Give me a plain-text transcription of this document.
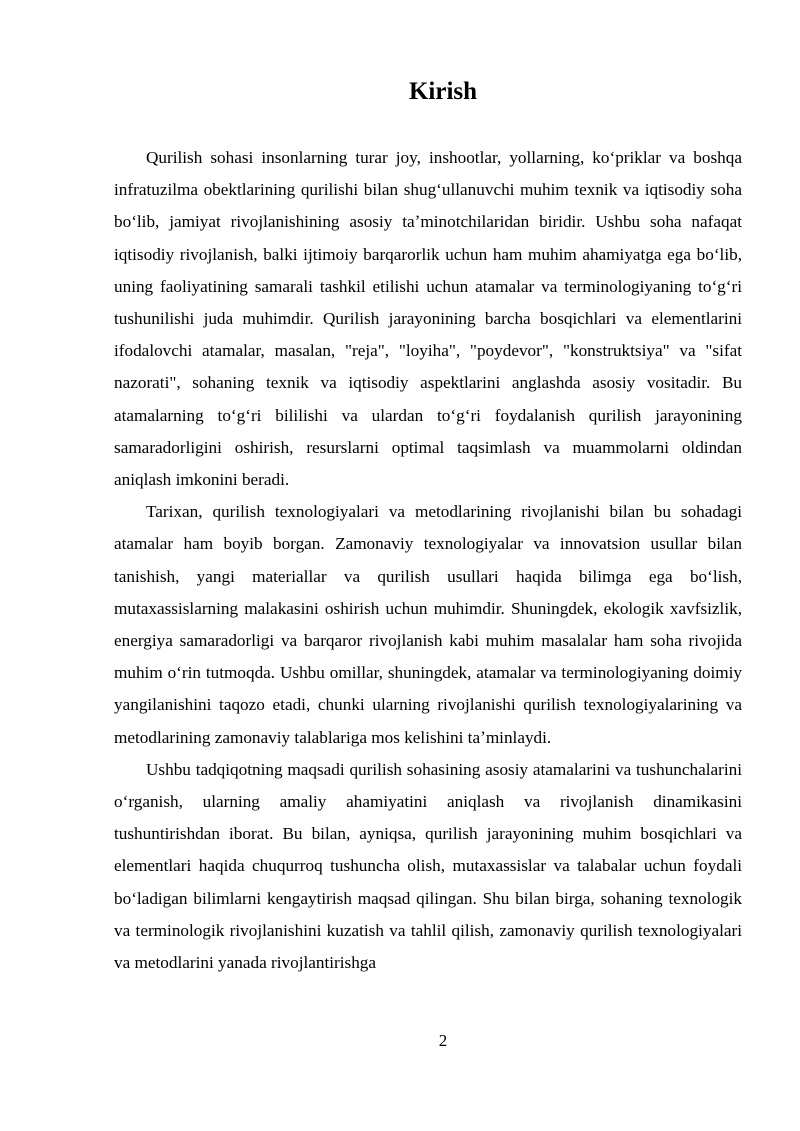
Kirish

Qurilish sohasi insonlarning turar joy, inshootlar, yollarning, koʻpriklar va boshqa infratuzilma obektlarining qurilishi bilan shugʻullanuvchi muhim texnik va iqtisodiy soha boʻlib, jamiyat rivojlanishining asosiy taʼminotchilaridan biridir. Ushbu soha nafaqat iqtisodiy rivojlanish, balki ijtimoiy barqarorlik uchun ham muhim ahamiyatga ega boʻlib, uning faoliyatining samarali tashkil etilishi uchun atamalar va terminologiyaning toʻgʻri tushunilishi juda muhimdir. Qurilish jarayonining barcha bosqichlari va elementlarini ifodalovchi atamalar, masalan, "reja", "loyiha", "poydevor", "konstruktsiya" va "sifat nazorati", sohaning texnik va iqtisodiy aspektlarini anglashda asosiy vositadir. Bu atamalarning toʻgʻri bililishi va ulardan toʻgʻri foydalanish qurilish jarayonining samaradorligini oshirish, resurslarni optimal taqsimlash va muammolarni oldindan aniqlash imkonini beradi.

Tarixan, qurilish texnologiyalari va metodlarining rivojlanishi bilan bu sohadagi atamalar ham boyib borgan. Zamonaviy texnologiyalar va innovatsion usullar bilan tanishish, yangi materiallar va qurilish usullari haqida bilimga ega boʻlish, mutaxassislarning malakasini oshirish uchun muhimdir. Shuningdek, ekologik xavfsizlik, energiya samaradorligi va barqaror rivojlanish kabi muhim masalalar ham soha rivojida muhim oʻrin tutmoqda. Ushbu omillar, shuningdek, atamalar va terminologiyaning doimiy yangilanishini taqozo etadi, chunki ularning rivojlanishi qurilish texnologiyalarining va metodlarining zamonaviy talablariga mos kelishini taʼminlaydi.

Ushbu tadqiqotning maqsadi qurilish sohasining asosiy atamalarini va tushunchalarini oʻrganish, ularning amaliy ahamiyatini aniqlash va rivojlanish dinamikasini tushuntirishdan iborat. Bu bilan, ayniqsa, qurilish jarayonining muhim bosqichlari va elementlari haqida chuqurroq tushuncha olish, mutaxassislar va talabalar uchun foydali boʻladigan bilimlarni kengaytirish maqsad qilingan. Shu bilan birga, sohaning texnologik va terminologik rivojlanishini kuzatish va tahlil qilish, zamonaviy qurilish texnologiyalari va metodlarini yanada rivojlantirishga

2
